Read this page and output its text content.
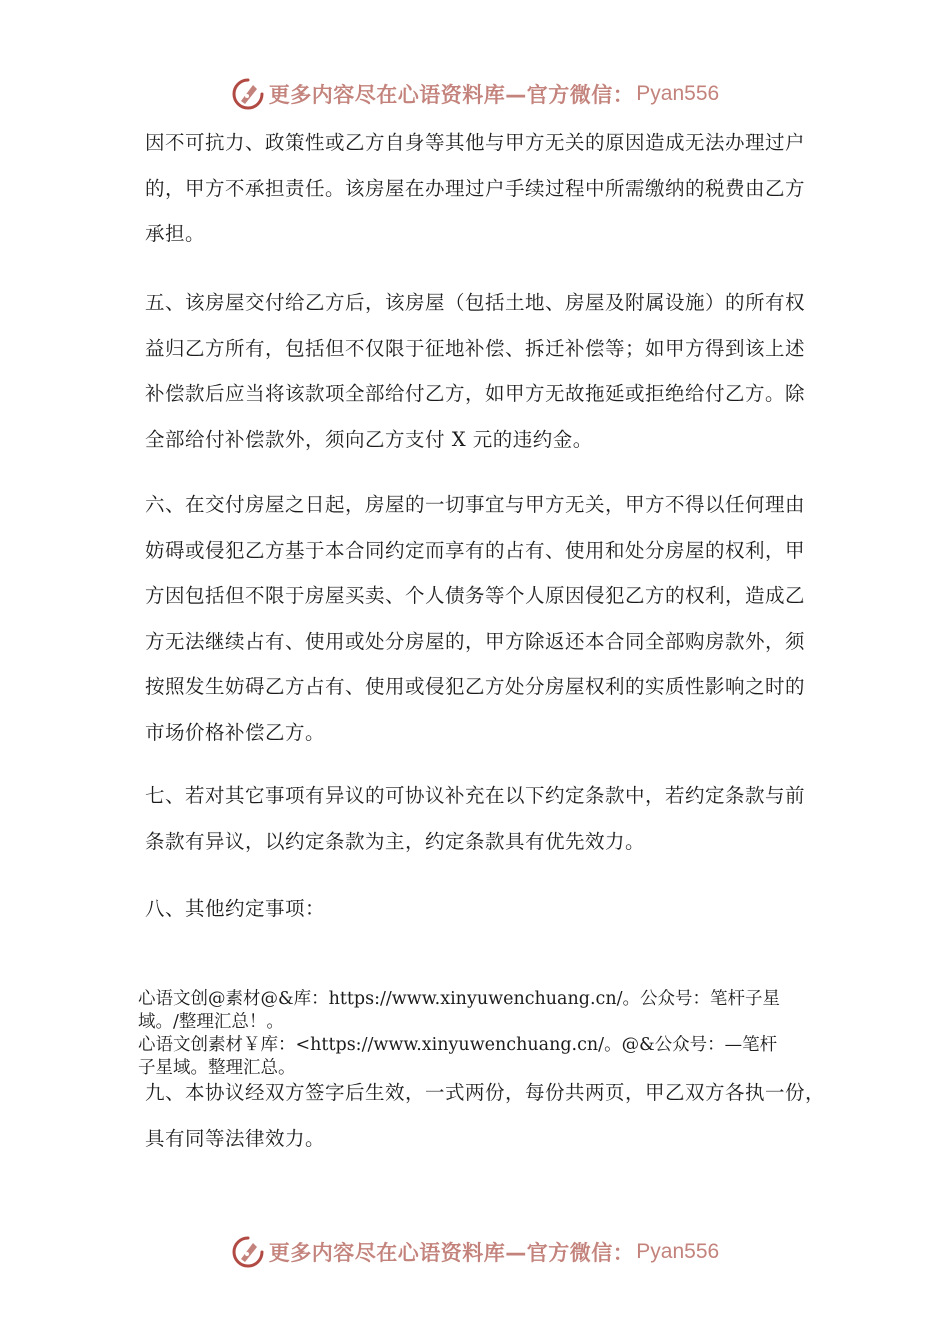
更多内容尽在心语资料库—官方微信： Pyan556
因不可抗力、政策性或乙方自身等其他与甲方无关的原因造成无法办理过户
的，甲方不承担责任。该房屋在办理过户手续过程中所需缴纳的税费由乙方
承担。
五、该房屋交付给乙方后，该房屋（包括土地、房屋及附属设施）的所有权
益归乙方所有，包括但不仅限于征地补偿、拆迁补偿等；如甲方得到该上述
补偿款后应当将该款项全部给付乙方，如甲方无故拖延或拒绝给付乙方。除
全部给付补偿款外，须向乙方支付 X 元的违约金。
六、在交付房屋之日起，房屋的一切事宜与甲方无关，甲方不得以任何理由
妨碍或侵犯乙方基于本合同约定而享有的占有、使用和处分房屋的权利，甲
方因包括但不限于房屋买卖、个人债务等个人原因侵犯乙方的权利，造成乙
方无法继续占有、使用或处分房屋的，甲方除返还本合同全部购房款外，须
按照发生妨碍乙方占有、使用或侵犯乙方处分房屋权利的实质性影响之时的
市场价格补偿乙方。
七、若对其它事项有异议的可协议补充在以下约定条款中，若约定条款与前
条款有异议，以约定条款为主，约定条款具有优先效力。
八、其他约定事项：
心语文创@素材@&库：https://www.xinyuwenchuang.cn/。公众号：笔杆子星
域。/整理汇总！。
心语文创素材￥库：<https://www.xinyuwenchuang.cn/。@&公众号：—笔杆
子星域。整理汇总。
九、本协议经双方签字后生效，一式两份，每份共两页，甲乙双方各执一份，
具有同等法律效力。
更多内容尽在心语资料库—官方微信： Pyan556
